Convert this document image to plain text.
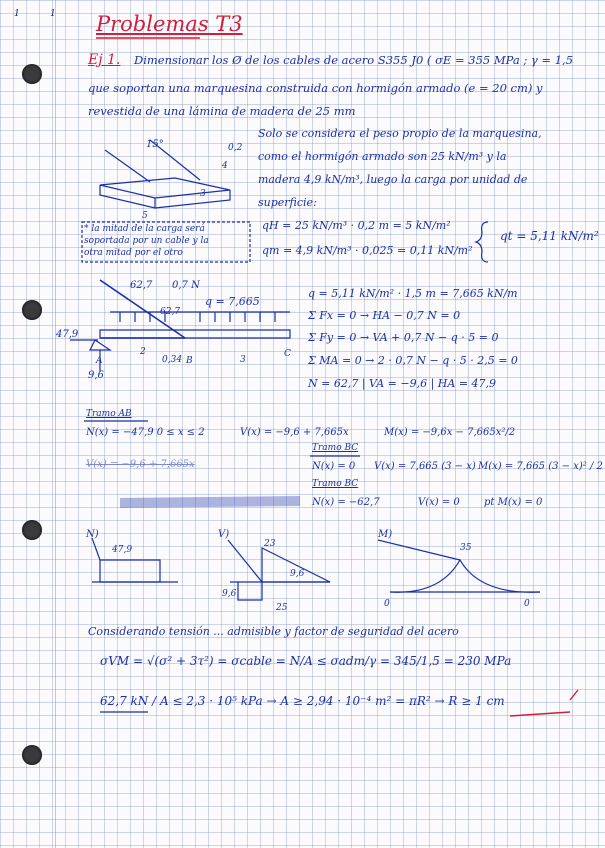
1	1 Problemas T3
Ej 1. Dimensionar los Ø de los cables de acero S355 J0 ( σE = 355 MPa ; γ = 1,5
que soportan una marquesina construida con hormigón armado (e = 20 cm) y
revestida de una lámina de madera de 25 mm
Solo se considera el peso propio de la marquesina,
como el hormigón armado son 25 kN/m³ y la
madera 4,9 kN/m³, luego la carga por unidad de
superficie:
* la mitad de la carga será
soportada por un cable y la
otra mitad por el otro
qH = 25 kN/m³ · 0,2 m = 5 kN/m²
qm = 4,9 kN/m³ · 0,025 = 0,11 kN/m²
qt = 5,11 kN/m²
15°	0,2
4
3
5
62,7 0,7 N
q = 7,665
62,7
47,9
9,6
2
0,34	3
A	B
C
q = 5,11 kN/m² · 1,5 m = 7,665 kN/m
Σ Fx = 0 → HA − 0,7 N = 0
Σ Fy = 0 → VA + 0,7 N − q · 5 = 0
Σ MA = 0 → 2 · 0,7 N − q · 5 · 2,5 = 0
N = 62,7 | VA = −9,6 | HA = 47,9
Tramo AB
N(x) = −47,9 0 ≤ x ≤ 2	V(x) = −9,6 + 7,665x	M(x) = −9,6x − 7,665x²/2
V(x) = −9,6 + 7,665x
Tramo BC
N(x) = 0 V(x) = 7,665 (3 − x) M(x) = 7,665 (3 − x)² / 2
Tramo BC
N(x) = −62,7	V(x) = 0 pt M(x) = 0
N)
47,9
V)
23
9,6
25
9,6
M)
35
0	0
Considerando tensión ... admisible y factor de seguridad del acero
σVM = √(σ² + 3τ²) = σcable = N/A ≤ σadm/γ = 345/1,5 = 230 MPa
62,7 kN / A ≤ 2,3 · 10⁵ kPa → A ≥ 2,94 · 10⁻⁴ m² = πR² → R ≥ 1 cm
